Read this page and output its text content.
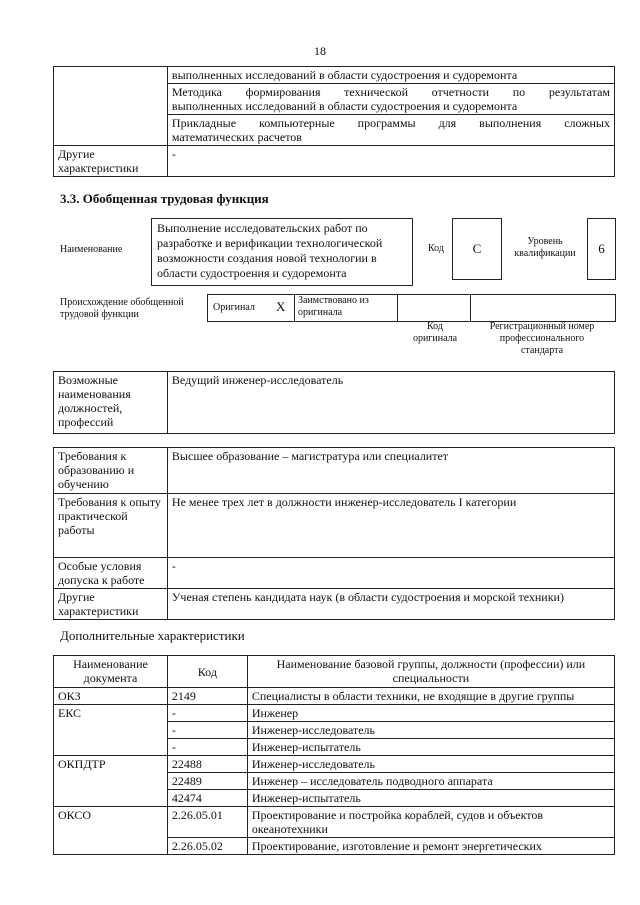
18
	выполненных исследований в области судостроения и судоремонта

	Методика формирования технической отчетности по результатам
выполненных исследований в области судостроения и судоремонта

	Прикладные компьютерные программы для выполнения сложных
математических расчетов

Другие характеристики	-
3.3. Обобщенная трудовая функция
Наименование
Выполнение исследовательских работ по разработке и верификации технологической возможности создания новой технологии в области судостроения и судоремонта
Код	C	Уровень квалификации	6
Происхождение обобщенной трудовой функции
Оригинал X Заимствовано из оригинала
Код оригинала
Регистрационный номер профессионального стандарта
Возможные наименования должностей, профессий	Ведущий инженер-исследователь
Требования к образованию и обучению	Высшее образование – магистратура или специалитет
Требования к опыту практической работы	Не менее трех лет в должности инженер-исследователь I категории
Особые условия допуска к работе	-
Другие характеристики	Ученая степень кандидата наук (в области судостроения и морской техники)
Дополнительные характеристики
Наименование документа	Код	Наименование базовой группы, должности (профессии) или специальности
ОКЗ	2149	Специалисты в области техники, не входящие в другие группы
ЕКС	-	Инженер
	-	Инженер-исследователь
	-	Инженер-испытатель
ОКПДТР	22488	Инженер-исследователь
	22489	Инженер – исследователь подводного аппарата
	42474	Инженер-испытатель
ОКСО	2.26.05.01	Проектирование и постройка кораблей, судов и объектов океанотехники
	2.26.05.02	Проектирование, изготовление и ремонт энергетических
